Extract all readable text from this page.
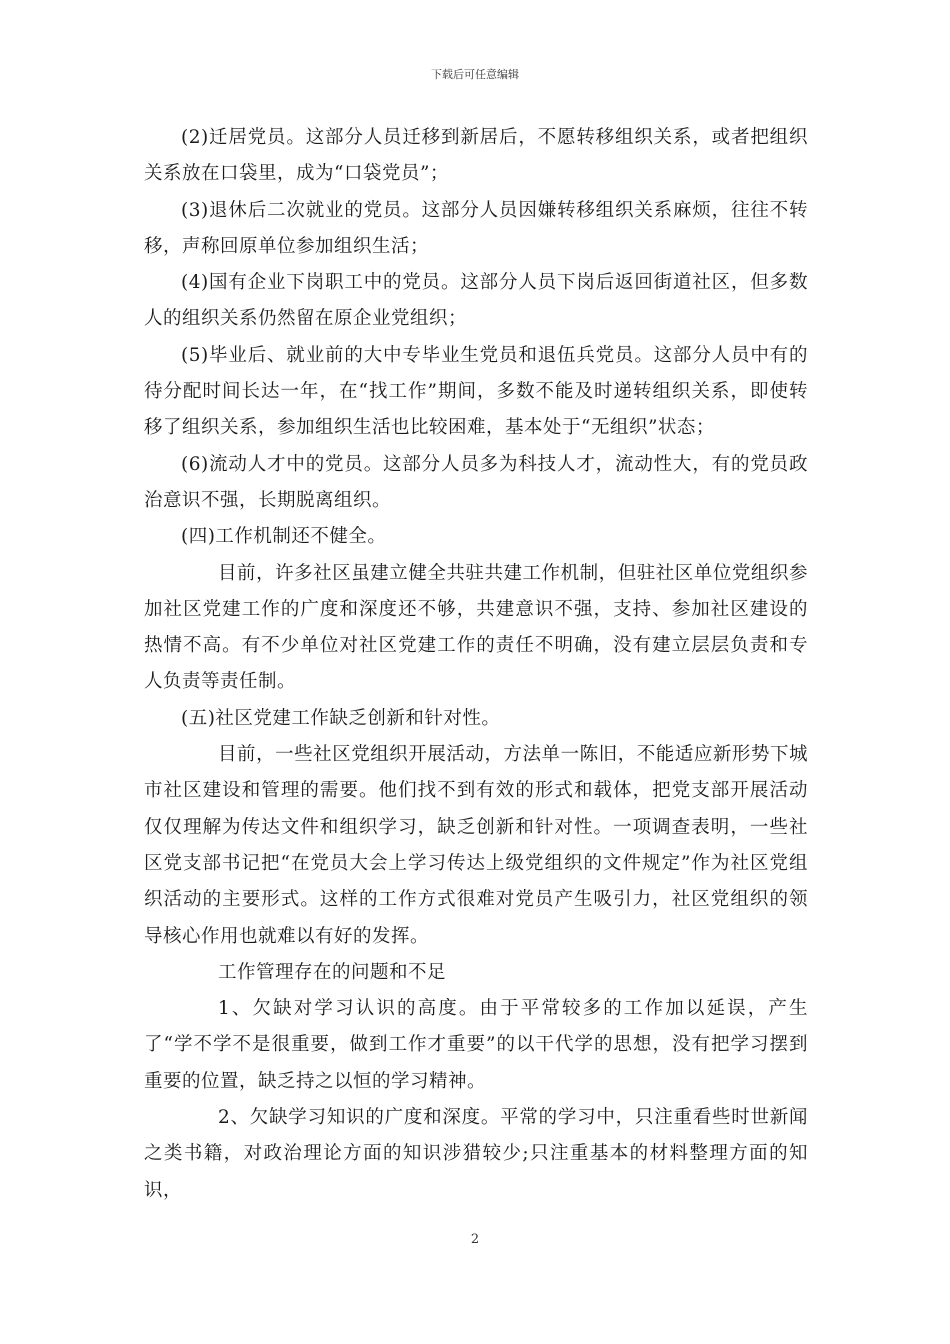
下载后可任意编辑

(2)迁居党员。这部分人员迁移到新居后，不愿转移组织关系，或者把组织关系放在口袋里，成为“口袋党员”；

(3)退休后二次就业的党员。这部分人员因嫌转移组织关系麻烦，往往不转移，声称回原单位参加组织生活；

(4)国有企业下岗职工中的党员。这部分人员下岗后返回街道社区，但多数人的组织关系仍然留在原企业党组织；

(5)毕业后、就业前的大中专毕业生党员和退伍兵党员。这部分人员中有的待分配时间长达一年，在“找工作”期间，多数不能及时递转组织关系，即使转移了组织关系，参加组织生活也比较困难，基本处于“无组织”状态；

(6)流动人才中的党员。这部分人员多为科技人才，流动性大，有的党员政治意识不强，长期脱离组织。

(四)工作机制还不健全。

目前，许多社区虽建立健全共驻共建工作机制，但驻社区单位党组织参加社区党建工作的广度和深度还不够，共建意识不强，支持、参加社区建设的热情不高。有不少单位对社区党建工作的责任不明确，没有建立层层负责和专人负责等责任制。

(五)社区党建工作缺乏创新和针对性。

目前，一些社区党组织开展活动，方法单一陈旧，不能适应新形势下城市社区建设和管理的需要。他们找不到有效的形式和载体，把党支部开展活动仅仅理解为传达文件和组织学习，缺乏创新和针对性。一项调查表明，一些社区党支部书记把“在党员大会上学习传达上级党组织的文件规定”作为社区党组织活动的主要形式。这样的工作方式很难对党员产生吸引力，社区党组织的领导核心作用也就难以有好的发挥。

工作管理存在的问题和不足

1、欠缺对学习认识的高度。由于平常较多的工作加以延误，产生了“学不学不是很重要，做到工作才重要”的以干代学的思想，没有把学习摆到重要的位置，缺乏持之以恒的学习精神。

2、欠缺学习知识的广度和深度。平常的学习中，只注重看些时世新闻之类书籍，对政治理论方面的知识涉猎较少;只注重基本的材料整理方面的知识，

2
